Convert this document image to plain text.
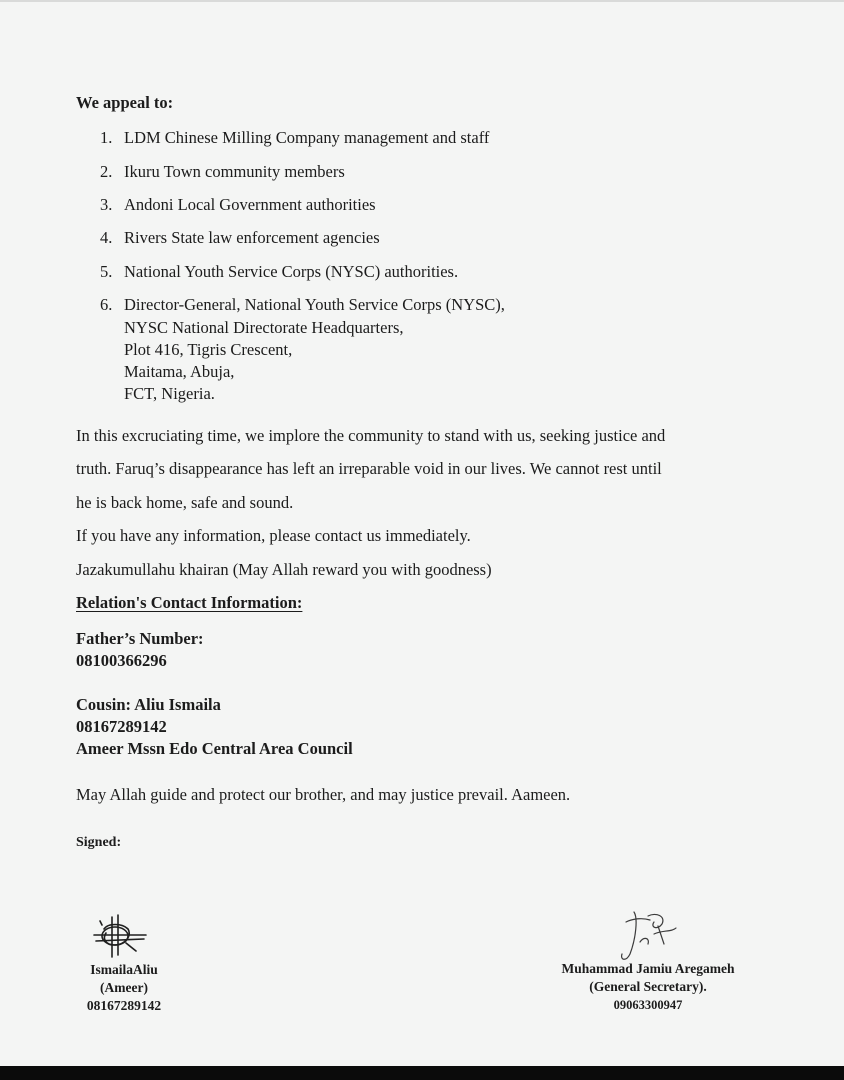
We appeal to:
1. LDM Chinese Milling Company management and staff
2. Ikuru Town community members
3. Andoni Local Government authorities
4. Rivers State law enforcement agencies
5. National Youth Service Corps (NYSC) authorities.
6. Director-General, National Youth Service Corps (NYSC),
NYSC National Directorate Headquarters,
Plot 416, Tigris Crescent,
Maitama, Abuja,
FCT, Nigeria.
In this excruciating time, we implore the community to stand with us, seeking justice and
truth. Faruq’s disappearance has left an irreparable void in our lives. We cannot rest until
he is back home, safe and sound.
If you have any information, please contact us immediately.
Jazakumullahu khairan (May Allah reward you with goodness)
Relation's Contact Information:
Father’s Number:
08100366296
Cousin: Aliu Ismaila
08167289142
Ameer Mssn Edo Central Area Council
May Allah guide and protect our brother, and may justice prevail. Aameen.
Signed:
IsmailaAliu
(Ameer)
08167289142
Muhammad Jamiu Aregameh
(General Secretary).
09063300947
